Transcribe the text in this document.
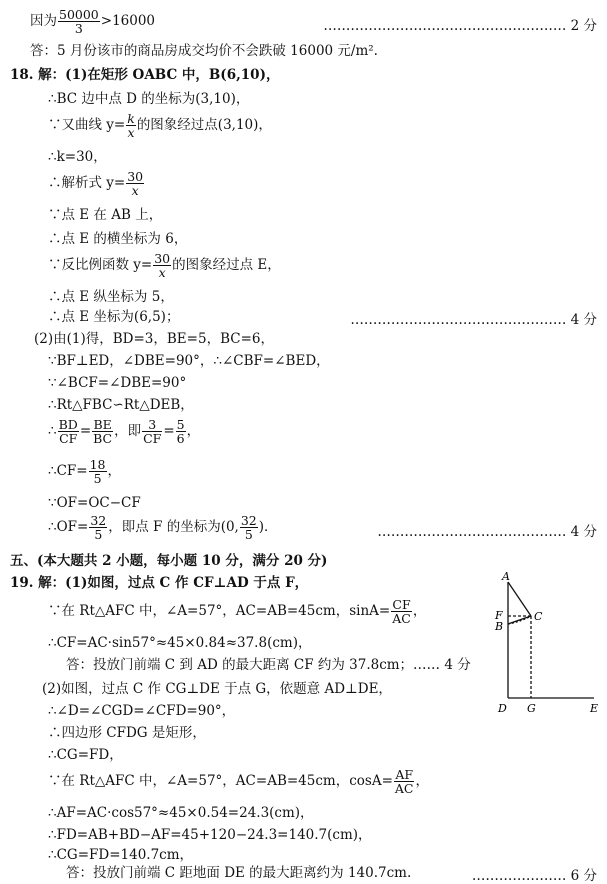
因为 $\frac{50000}{3} >16000$	……………………………………………… 2 分
答：5 月份该市的商品房成交均价不会跌破 16000 元/m².
18. 解：(1)在矩形 OABC 中，B(6,10)，
∴BC 边中点 D 的坐标为(3,10)，
∵又曲线 $y= \frac{k}{x}$ 的图象经过点(3,10)，
∴k=30，
∴解析式 $y= \frac{30}{x}$
∵点 E 在 AB 上，
∴点 E 的横坐标为 6，
∵反比例函数 $y= \frac{30}{x}$ 的图象经过点 E，
∴点 E 纵坐标为 5，
∴点 E 坐标为(6,5)；	………………………………………… 4 分
(2)由(1)得，BD=3，BE=5，BC=6，
∵BF⊥ED，∠DBE=90°，∴∠CBF=∠BED，
∵∠BCF=∠DBE=90°
∴Rt△FBC∽Rt△DEB，
∴ $\frac{BD}{CF} = \frac{BE}{BC}$ ，即 $\frac{3}{CF} = \frac{5}{6}$ ，
∴CF= $\frac{18}{5}$ ，
∵OF=OC−CF
∴OF= $\frac{32}{5}$ ，即点 F 的坐标为(0, $\frac{32}{5}$ )．	…………………………………… 4 分
五、(本大题共 2 小题，每小题 10 分，满分 20 分)
19. 解：(1)如图，过点 C 作 CF⊥AD 于点 F，
∵在 Rt△AFC 中，∠A=57°，AC=AB=45cm，$\sin A= \frac{CF}{AC}$ ，
∴CF=AC·sin57°≈45×0.84≈37.8(cm)，
答：投放门前端 C 到 AD 的最大距离 CF 约为 37.8cm；…… 4 分
(2)如图，过点 C 作 CG⊥DE 于点 G，依题意 AD⊥DE，
∴∠D=∠CGD=∠CFD=90°，
∴四边形 CFDG 是矩形，
∴CG=FD，
∵在 Rt△AFC 中，∠A=57°，AC=AB=45cm，$\cos A= \frac{AF}{AC}$ ，
∴AF=AC·cos57°≈45×0.54=24.3(cm)，
∴FD=AB+BD−AF=45+120−24.3=140.7(cm)，
∴CG=FD=140.7cm，
答：投放门前端 C 距地面 DE 的最大距离约为 140.7cm.	………………… 6 分
A
F
B
C
D G	E
